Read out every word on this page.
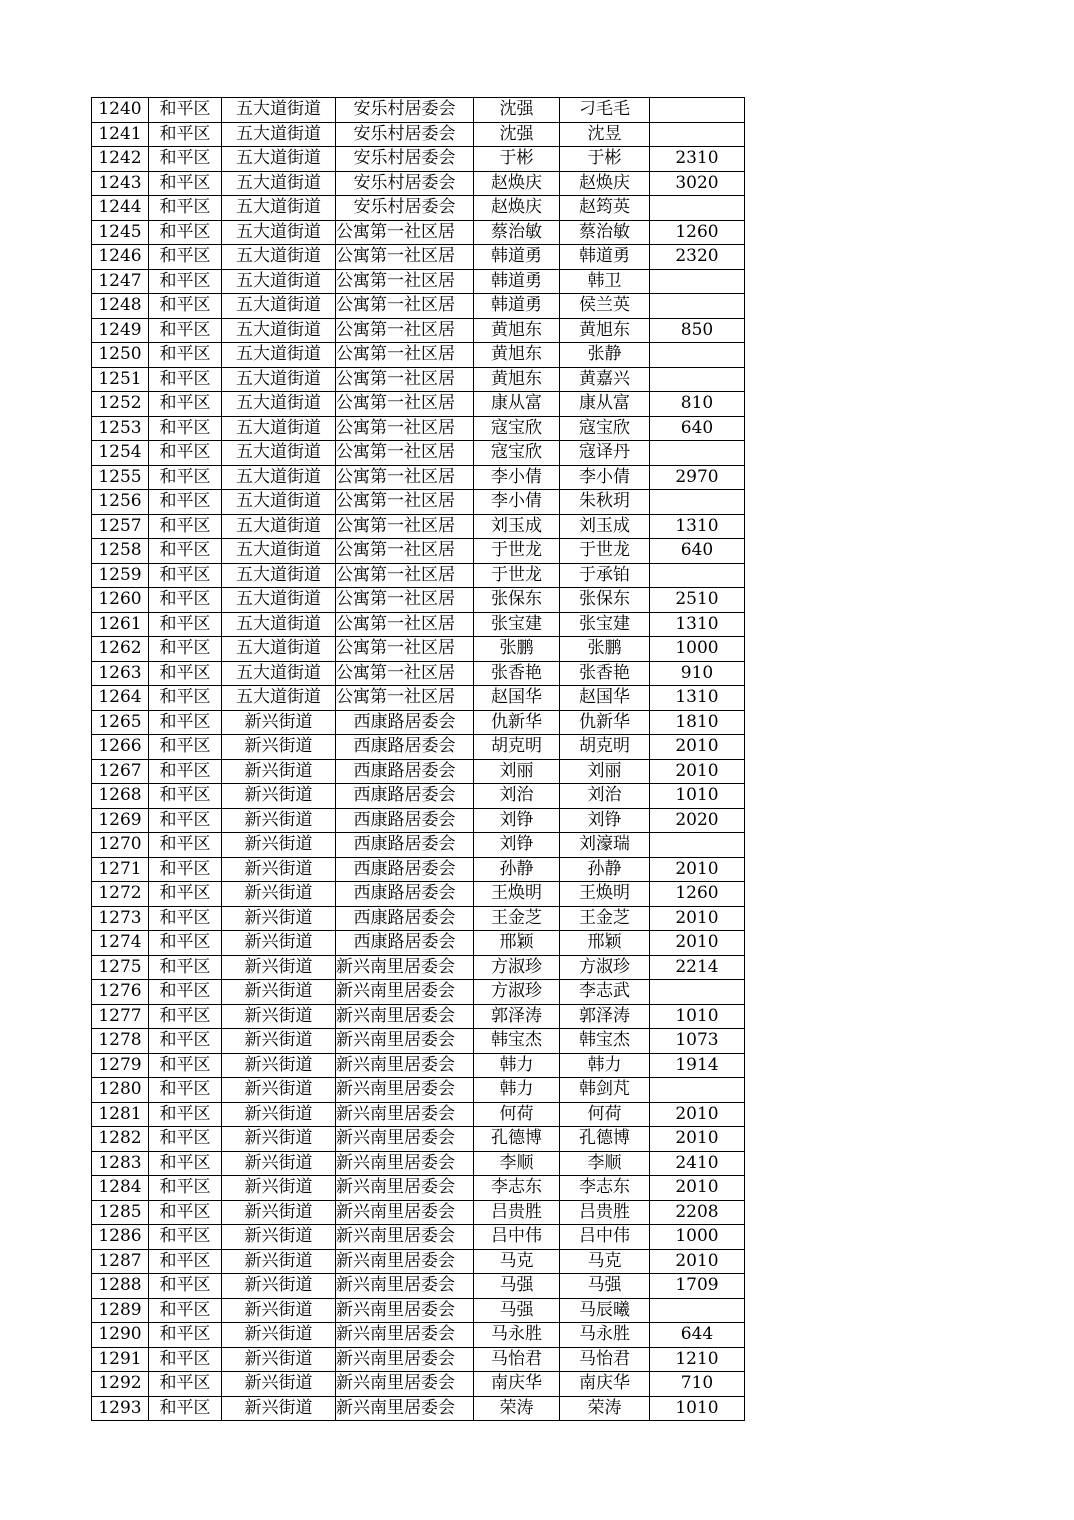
1240	和平区	五大道街道	安乐村居委会	沈强	刁毛毛	
1241	和平区	五大道街道	安乐村居委会	沈强	沈昱	
1242	和平区	五大道街道	安乐村居委会	于彬	于彬	2310
1243	和平区	五大道街道	安乐村居委会	赵焕庆	赵焕庆	3020
1244	和平区	五大道街道	安乐村居委会	赵焕庆	赵筠英	
1245	和平区	五大道街道	公寓第一社区居	蔡治敏	蔡治敏	1260
1246	和平区	五大道街道	公寓第一社区居	韩道勇	韩道勇	2320
1247	和平区	五大道街道	公寓第一社区居	韩道勇	韩卫	
1248	和平区	五大道街道	公寓第一社区居	韩道勇	侯兰英	
1249	和平区	五大道街道	公寓第一社区居	黄旭东	黄旭东	850
1250	和平区	五大道街道	公寓第一社区居	黄旭东	张静	
1251	和平区	五大道街道	公寓第一社区居	黄旭东	黄嘉兴	
1252	和平区	五大道街道	公寓第一社区居	康从富	康从富	810
1253	和平区	五大道街道	公寓第一社区居	寇宝欣	寇宝欣	640
1254	和平区	五大道街道	公寓第一社区居	寇宝欣	寇译丹	
1255	和平区	五大道街道	公寓第一社区居	李小倩	李小倩	2970
1256	和平区	五大道街道	公寓第一社区居	李小倩	朱秋玥	
1257	和平区	五大道街道	公寓第一社区居	刘玉成	刘玉成	1310
1258	和平区	五大道街道	公寓第一社区居	于世龙	于世龙	640
1259	和平区	五大道街道	公寓第一社区居	于世龙	于承铂	
1260	和平区	五大道街道	公寓第一社区居	张保东	张保东	2510
1261	和平区	五大道街道	公寓第一社区居	张宝建	张宝建	1310
1262	和平区	五大道街道	公寓第一社区居	张鹏	张鹏	1000
1263	和平区	五大道街道	公寓第一社区居	张香艳	张香艳	910
1264	和平区	五大道街道	公寓第一社区居	赵国华	赵国华	1310
1265	和平区	新兴街道	西康路居委会	仇新华	仇新华	1810
1266	和平区	新兴街道	西康路居委会	胡克明	胡克明	2010
1267	和平区	新兴街道	西康路居委会	刘丽	刘丽	2010
1268	和平区	新兴街道	西康路居委会	刘治	刘治	1010
1269	和平区	新兴街道	西康路居委会	刘铮	刘铮	2020
1270	和平区	新兴街道	西康路居委会	刘铮	刘濠瑞	
1271	和平区	新兴街道	西康路居委会	孙静	孙静	2010
1272	和平区	新兴街道	西康路居委会	王焕明	王焕明	1260
1273	和平区	新兴街道	西康路居委会	王金芝	王金芝	2010
1274	和平区	新兴街道	西康路居委会	邢颖	邢颖	2010
1275	和平区	新兴街道	新兴南里居委会	方淑珍	方淑珍	2214
1276	和平区	新兴街道	新兴南里居委会	方淑珍	李志武	
1277	和平区	新兴街道	新兴南里居委会	郭泽涛	郭泽涛	1010
1278	和平区	新兴街道	新兴南里居委会	韩宝杰	韩宝杰	1073
1279	和平区	新兴街道	新兴南里居委会	韩力	韩力	1914
1280	和平区	新兴街道	新兴南里居委会	韩力	韩剑芃	
1281	和平区	新兴街道	新兴南里居委会	何荷	何荷	2010
1282	和平区	新兴街道	新兴南里居委会	孔德博	孔德博	2010
1283	和平区	新兴街道	新兴南里居委会	李顺	李顺	2410
1284	和平区	新兴街道	新兴南里居委会	李志东	李志东	2010
1285	和平区	新兴街道	新兴南里居委会	吕贵胜	吕贵胜	2208
1286	和平区	新兴街道	新兴南里居委会	吕中伟	吕中伟	1000
1287	和平区	新兴街道	新兴南里居委会	马克	马克	2010
1288	和平区	新兴街道	新兴南里居委会	马强	马强	1709
1289	和平区	新兴街道	新兴南里居委会	马强	马辰曦	
1290	和平区	新兴街道	新兴南里居委会	马永胜	马永胜	644
1291	和平区	新兴街道	新兴南里居委会	马怡君	马怡君	1210
1292	和平区	新兴街道	新兴南里居委会	南庆华	南庆华	710
1293	和平区	新兴街道	新兴南里居委会	荣涛	荣涛	1010
